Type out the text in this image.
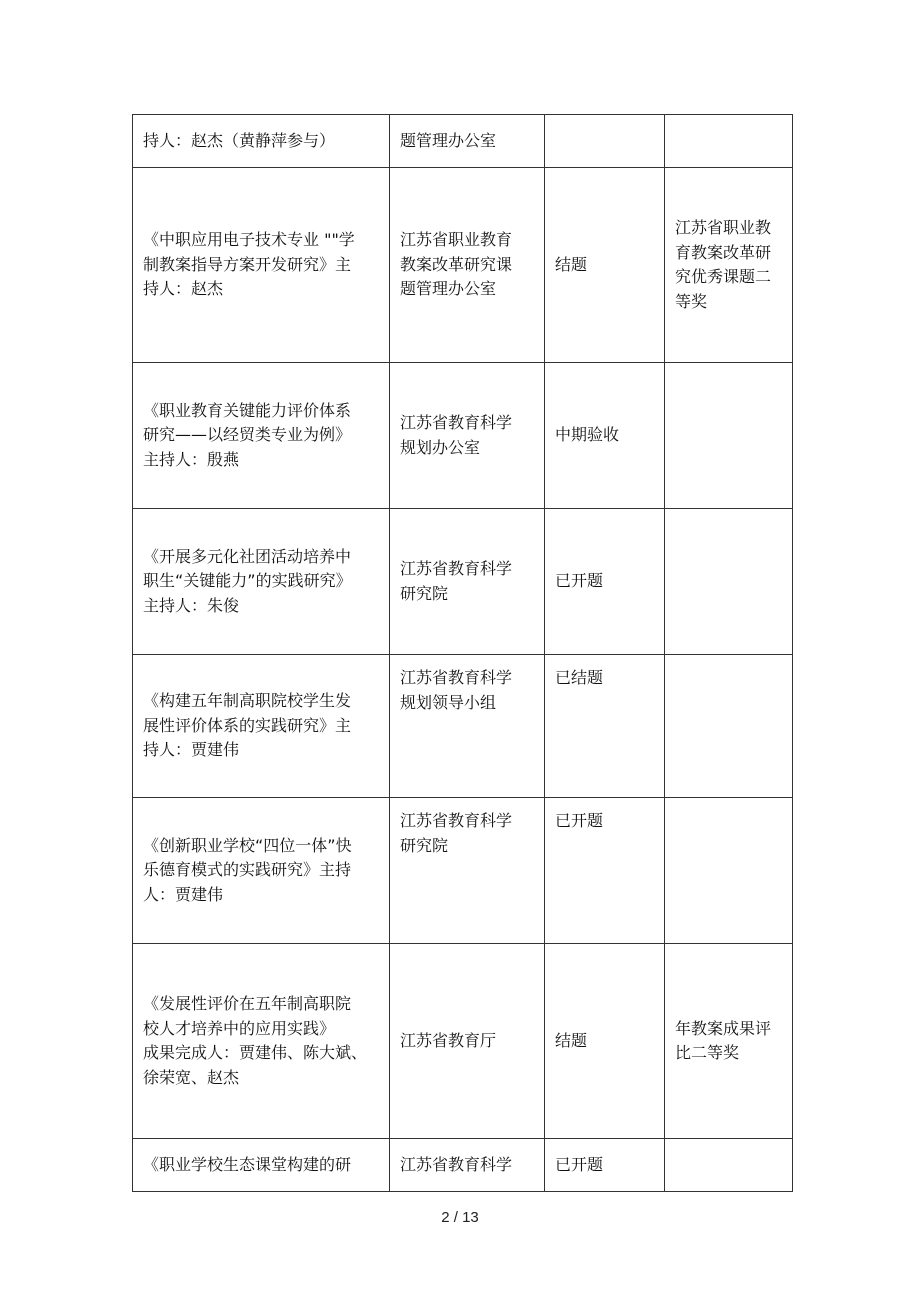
持人：赵杰（黄静萍参与）	题管理办公室		

《中职应用电子技术专业 ""学
制教案指导方案开发研究》主
持人：赵杰	江苏省职业教育
教案改革研究课
题管理办公室	结题	江苏省职业教
育教案改革研
究优秀课题二
等奖

《职业教育关键能力评价体系
研究——以经贸类专业为例》
主持人：殷燕	江苏省教育科学
规划办公室	中期验收	

《开展多元化社团活动培养中
职生“关键能力”的实践研究》
主持人：朱俊	江苏省教育科学
研究院	已开题	

《构建五年制高职院校学生发
展性评价体系的实践研究》主
持人：贾建伟	江苏省教育科学
规划领导小组	已结题	

《创新职业学校“四位一体”快
乐德育模式的实践研究》主持
人：贾建伟	江苏省教育科学
研究院	已开题	

《发展性评价在五年制高职院
校人才培养中的应用实践》
成果完成人：贾建伟、陈大斌、
徐荣宽、赵杰	江苏省教育厅	结题	年教案成果评
比二等奖

《职业学校生态课堂构建的研	江苏省教育科学	已开题	

2 / 13
